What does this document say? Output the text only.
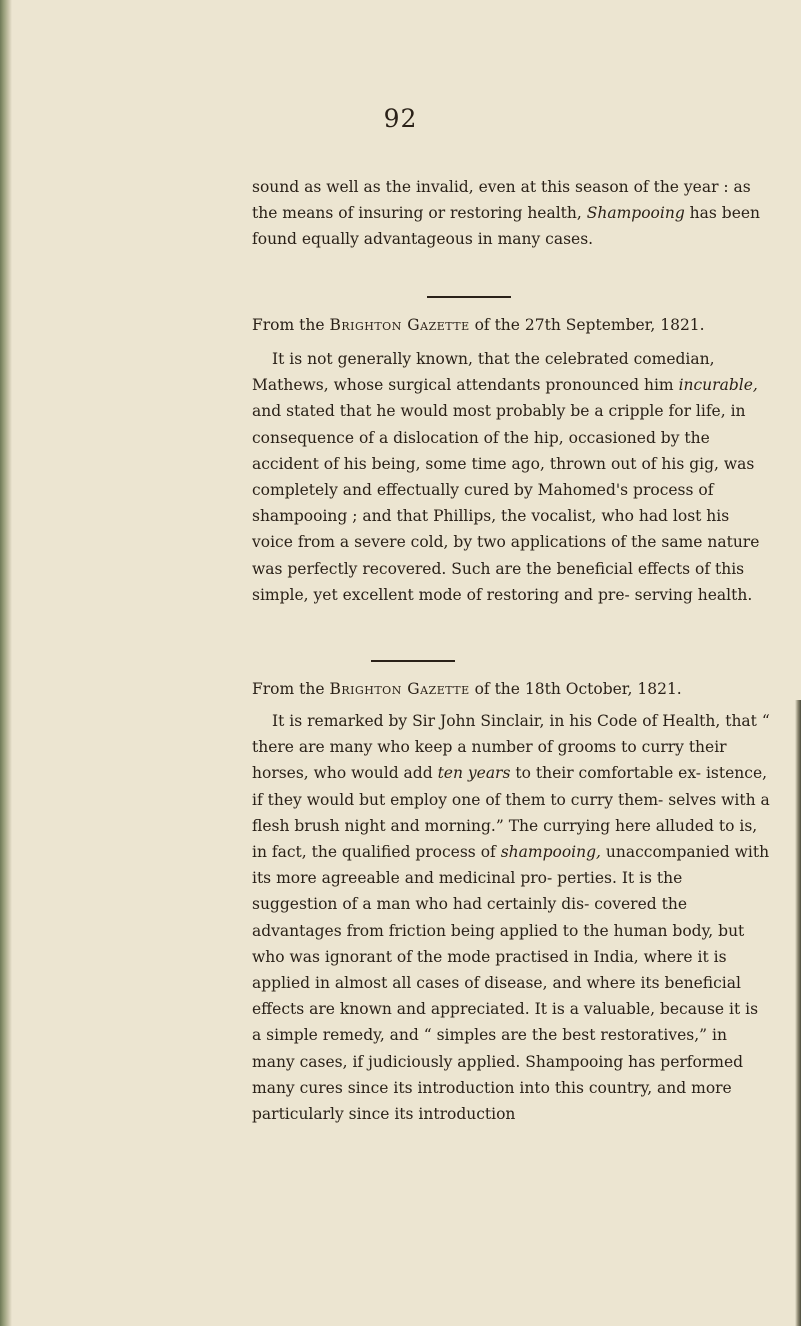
92

sound as well as the invalid, even at this season of the year : as the means of insuring or restoring health, Shampooing has been found equally advantageous in many cases.

From the Brighton Gazette of the 27th September, 1821.

It is not generally known, that the celebrated comedian, Mathews, whose surgical attendants pronounced him incurable, and stated that he would most probably be a cripple for life, in consequence of a dislocation of the hip, occasioned by the accident of his being, some time ago, thrown out of his gig, was completely and effectually cured by Mahomed's process of shampooing ; and that Phillips, the vocalist, who had lost his voice from a severe cold, by two applications of the same nature was perfectly recovered. Such are the beneficial effects of this simple, yet excellent mode of restoring and pre- serving health.

From the Brighton Gazette of the 18th October, 1821.

It is remarked by Sir John Sinclair, in his Code of Health, that “ there are many who keep a number of grooms to curry their horses, who would add ten years to their comfortable ex- istence, if they would but employ one of them to curry them- selves with a flesh brush night and morning.” The currying here alluded to is, in fact, the qualified process of shampooing, unaccompanied with its more agreeable and medicinal pro- perties. It is the suggestion of a man who had certainly dis- covered the advantages from friction being applied to the human body, but who was ignorant of the mode practised in India, where it is applied in almost all cases of disease, and where its beneficial effects are known and appreciated. It is a valuable, because it is a simple remedy, and “ simples are the best restoratives,” in many cases, if judiciously applied. Shampooing has performed many cures since its introduction into this country, and more particularly since its introduction
